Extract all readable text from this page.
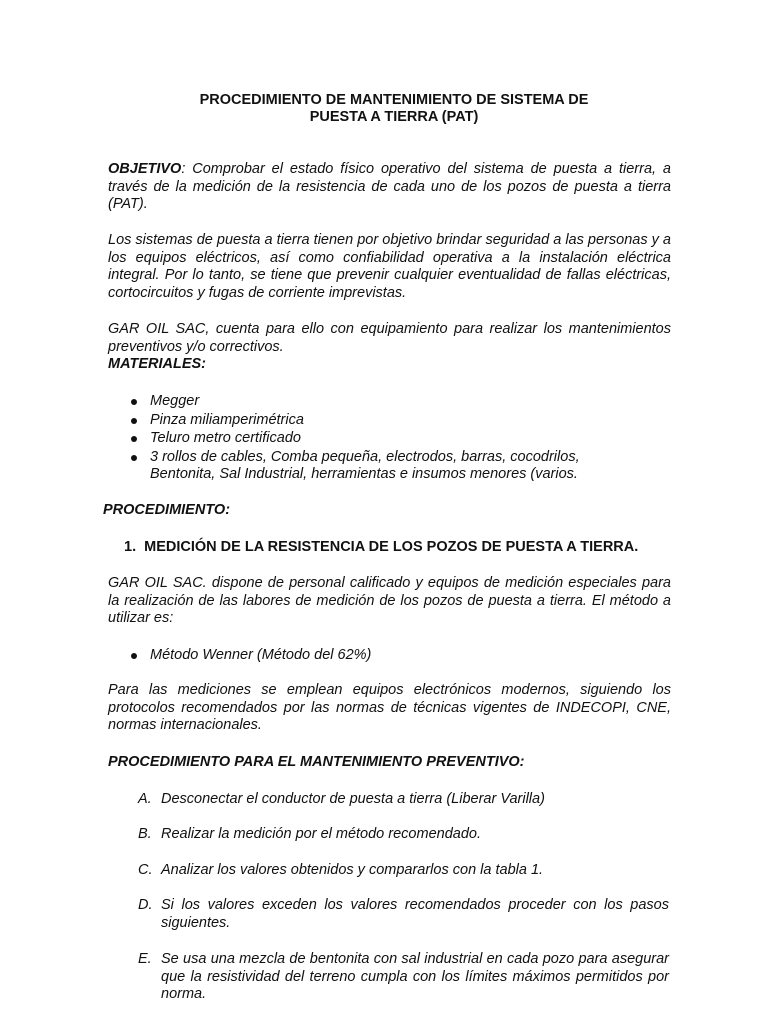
PROCEDIMIENTO DE MANTENIMIENTO DE SISTEMA DE
PUESTA A TIERRA (PAT)
OBJETIVO: Comprobar el estado físico operativo del sistema de puesta a tierra, a través de la medición de la resistencia de cada uno de los pozos de puesta a tierra (PAT).
Los sistemas de puesta a tierra tienen por objetivo brindar seguridad a las personas y a los equipos eléctricos, así como confiabilidad operativa a la instalación eléctrica integral. Por lo tanto, se tiene que prevenir cualquier eventualidad de fallas eléctricas, cortocircuitos y fugas de corriente imprevistas.
GAR OIL SAC, cuenta para ello con equipamiento para realizar los mantenimientos preventivos y/o correctivos.
MATERIALES:
Megger
Pinza miliamperimétrica
Teluro metro certificado
3 rollos de cables, Comba pequeña, electrodos, barras, cocodrilos, Bentonita, Sal Industrial, herramientas e insumos menores (varios.
PROCEDIMIENTO:
1. MEDICIÓN DE LA RESISTENCIA DE LOS POZOS DE PUESTA A TIERRA.
GAR OIL SAC. dispone de personal calificado y equipos de medición especiales para la realización de las labores de medición de los pozos de puesta a tierra. El método a utilizar es:
Método Wenner (Método del 62%)
Para las mediciones se emplean equipos electrónicos modernos, siguiendo los protocolos recomendados por las normas de técnicas vigentes de INDECOPI, CNE, normas internacionales.
PROCEDIMIENTO PARA EL MANTENIMIENTO PREVENTIVO:
A. Desconectar el conductor de puesta a tierra (Liberar Varilla)
B. Realizar la medición por el método recomendado.
C. Analizar los valores obtenidos y compararlos con la tabla 1.
D. Si los valores exceden los valores recomendados proceder con los pasos siguientes.
E. Se usa una mezcla de bentonita con sal industrial en cada pozo para asegurar que la resistividad del terreno cumpla con los límites máximos permitidos por norma.
